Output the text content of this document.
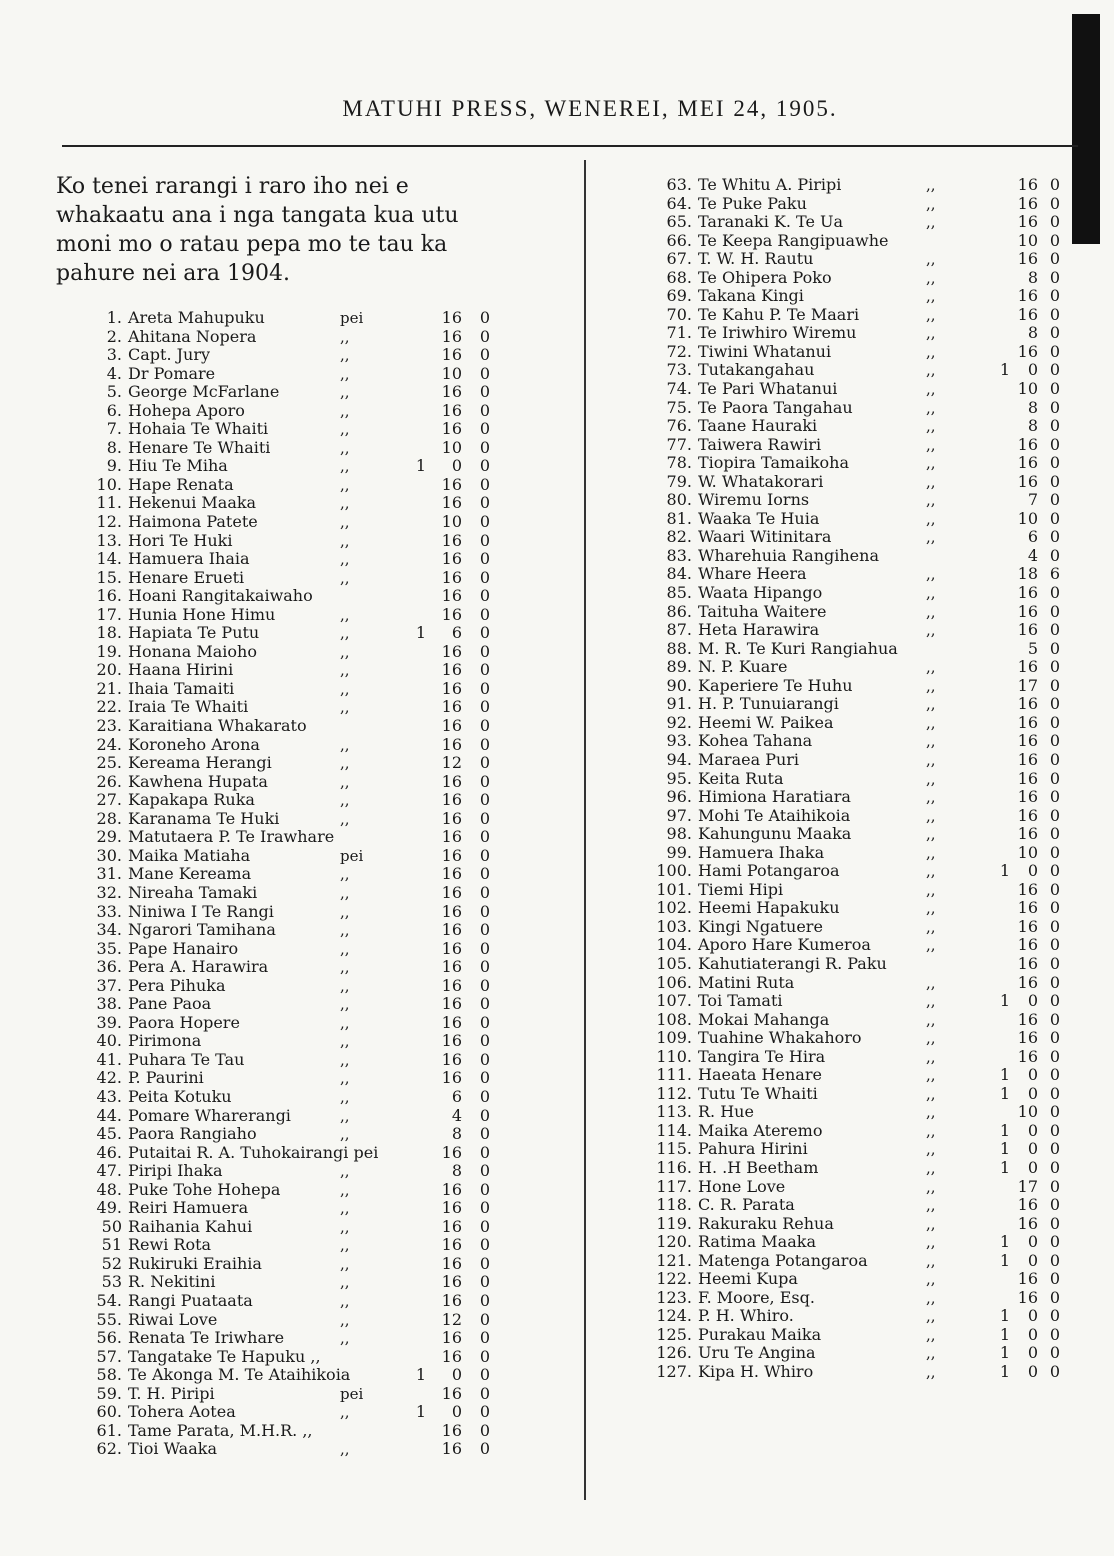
MATUHI PRESS, WENEREI, MEI 24, 1905.
Ko tenei rarangi i raro iho nei e
whakaatu ana i nga tangata kua utu
moni mo o ratau pepa mo te tau ka
pahure nei ara 1904.
1. Areta Mahupuku	pei	16 0
2. Ahitana Nopera	,,	16 0
3. Capt. Jury	,,	16 0
4. Dr Pomare	,,	10 0
5. George McFarlane	,,	16 0
6. Hohepa Aporo	,,	16 0
7. Hohaia Te Whaiti	,,	16 0
8. Henare Te Whaiti	,,	10 0
9. Hiu Te Miha	,,	1	0 0
10. Hape Renata	,,	16 0
11. Hekenui Maaka	,,	16 0
12. Haimona Patete	,,	10 0
13. Hori Te Huki	,,	16 0
14. Hamuera Ihaia	,,	16 0
15. Henare Erueti	,,	16 0
16. Hoani Rangitakaiwaho	16 0
17. Hunia Hone Himu	,,	16 0
18. Hapiata Te Putu	,,	1	6 0
19. Honana Maioho	,,	16 0
20. Haana Hirini	,,	16 0
21. Ihaia Tamaiti	,,	16 0
22. Iraia Te Whaiti	,,	16 0
23. Karaitiana Whakarato	16 0
24. Koroneho Arona	,,	16 0
25. Kereama Herangi	,,	12 0
26. Kawhena Hupata	,,	16 0
27. Kapakapa Ruka	,,	16 0
28. Karanama Te Huki	,,	16 0
29. Matutaera P. Te Irawhare	16 0
30. Maika Matiaha	pei	16 0
31. Mane Kereama	,,	16 0
32. Nireaha Tamaki	,,	16 0
33. Niniwa I Te Rangi	,,	16 0
34. Ngarori Tamihana	,,	16 0
35. Pape Hanairo	,,	16 0
36. Pera A. Harawira	,,	16 0
37. Pera Pihuka	,,	16 0
38. Pane Paoa	,,	16 0
39. Paora Hopere	,,	16 0
40. Pirimona	,,	16 0
41. Puhara Te Tau	,,	16 0
42. P. Paurini	,,	16 0
43. Peita Kotuku	,,	6 0
44. Pomare Wharerangi	,,	4 0
45. Paora Rangiaho	,,	8 0
46. Putaitai R. A. Tuhokairangi pei	16 0
47. Piripi Ihaka	,,	8 0
48. Puke Tohe Hohepa	,,	16 0
49. Reiri Hamuera	,,	16 0
50 Raihania Kahui	,,	16 0
51 Rewi Rota	,,	16 0
52 Rukiruki Eraihia	,,	16 0
53 R. Nekitini	,,	16 0
54. Rangi Puataata	,,	16 0
55. Riwai Love	,,	12 0
56. Renata Te Iriwhare	,,	16 0
57. Tangatake Te Hapuku ,,	16 0
58. Te Akonga M. Te Ataihikoia	1	0 0
59. T. H. Piripi	pei	16 0
60. Tohera Aotea	,,	1	0 0
61. Tame Parata, M.H.R. ,,	16 0
62. Tioi Waaka	,,	16 0
63. Te Whitu A. Piripi	,,	16 0
64. Te Puke Paku	,,	16 0
65. Taranaki K. Te Ua	,,	16 0
66. Te Keepa Rangipuawhe	10 0
67. T. W. H. Rautu	,,	16 0
68. Te Ohipera Poko	,,	8 0
69. Takana Kingi	,,	16 0
70. Te Kahu P. Te Maari	,,	16 0
71. Te Iriwhiro Wiremu	,,	8 0
72. Tiwini Whatanui	,,	16 0
73. Tutakangahau	,,	1	0 0
74. Te Pari Whatanui	,,	10 0
75. Te Paora Tangahau	,,	8 0
76. Taane Hauraki	,,	8 0
77. Taiwera Rawiri	,,	16 0
78. Tiopira Tamaikoha	,,	16 0
79. W. Whatakorari	,,	16 0
80. Wiremu Iorns	,,	7 0
81. Waaka Te Huia	,,	10 0
82. Waari Witinitara	,,	6 0
83. Wharehuia Rangihena	4 0
84. Whare Heera	,,	18 6
85. Waata Hipango	,,	16 0
86. Taituha Waitere	,,	16 0
87. Heta Harawira	,,	16 0
88. M. R. Te Kuri Rangiahua	5 0
89. N. P. Kuare	,,	16 0
90. Kaperiere Te Huhu	,,	17 0
91. H. P. Tunuiarangi	,,	16 0
92. Heemi W. Paikea	,,	16 0
93. Kohea Tahana	,,	16 0
94. Maraea Puri	,,	16 0
95. Keita Ruta	,,	16 0
96. Himiona Haratiara	,,	16 0
97. Mohi Te Ataihikoia	,,	16 0
98. Kahungunu Maaka	,,	16 0
99. Hamuera Ihaka	,,	10 0
100. Hami Potangaroa	,,	1	0 0
101. Tiemi Hipi	,,	16 0
102. Heemi Hapakuku	,,	16 0
103. Kingi Ngatuere	,,	16 0
104. Aporo Hare Kumeroa	,,	16 0
105. Kahutiaterangi R. Paku	16 0
106. Matini Ruta	,,	16 0
107. Toi Tamati	,,	1	0 0
108. Mokai Mahanga	,,	16 0
109. Tuahine Whakahoro	,,	16 0
110. Tangira Te Hira	,,	16 0
111. Haeata Henare	,,	1	0 0
112. Tutu Te Whaiti	,,	1	0 0
113. R. Hue	,,	10 0
114. Maika Ateremo	,,	1	0 0
115. Pahura Hirini	,,	1	0 0
116. H. .H Beetham	,,	1	0 0
117. Hone Love	,,	17 0
118. C. R. Parata	,,	16 0
119. Rakuraku Rehua	,,	16 0
120. Ratima Maaka	,,	1	0 0
121. Matenga Potangaroa	,,	1	0 0
122. Heemi Kupa	,,	16 0
123. F. Moore, Esq.	,,	16 0
124. P. H. Whiro.	,,	1	0 0
125. Purakau Maika	,,	1	0 0
126. Uru Te Angina	,,	1	0 0
127. Kipa H. Whiro	,,	1	0 0
